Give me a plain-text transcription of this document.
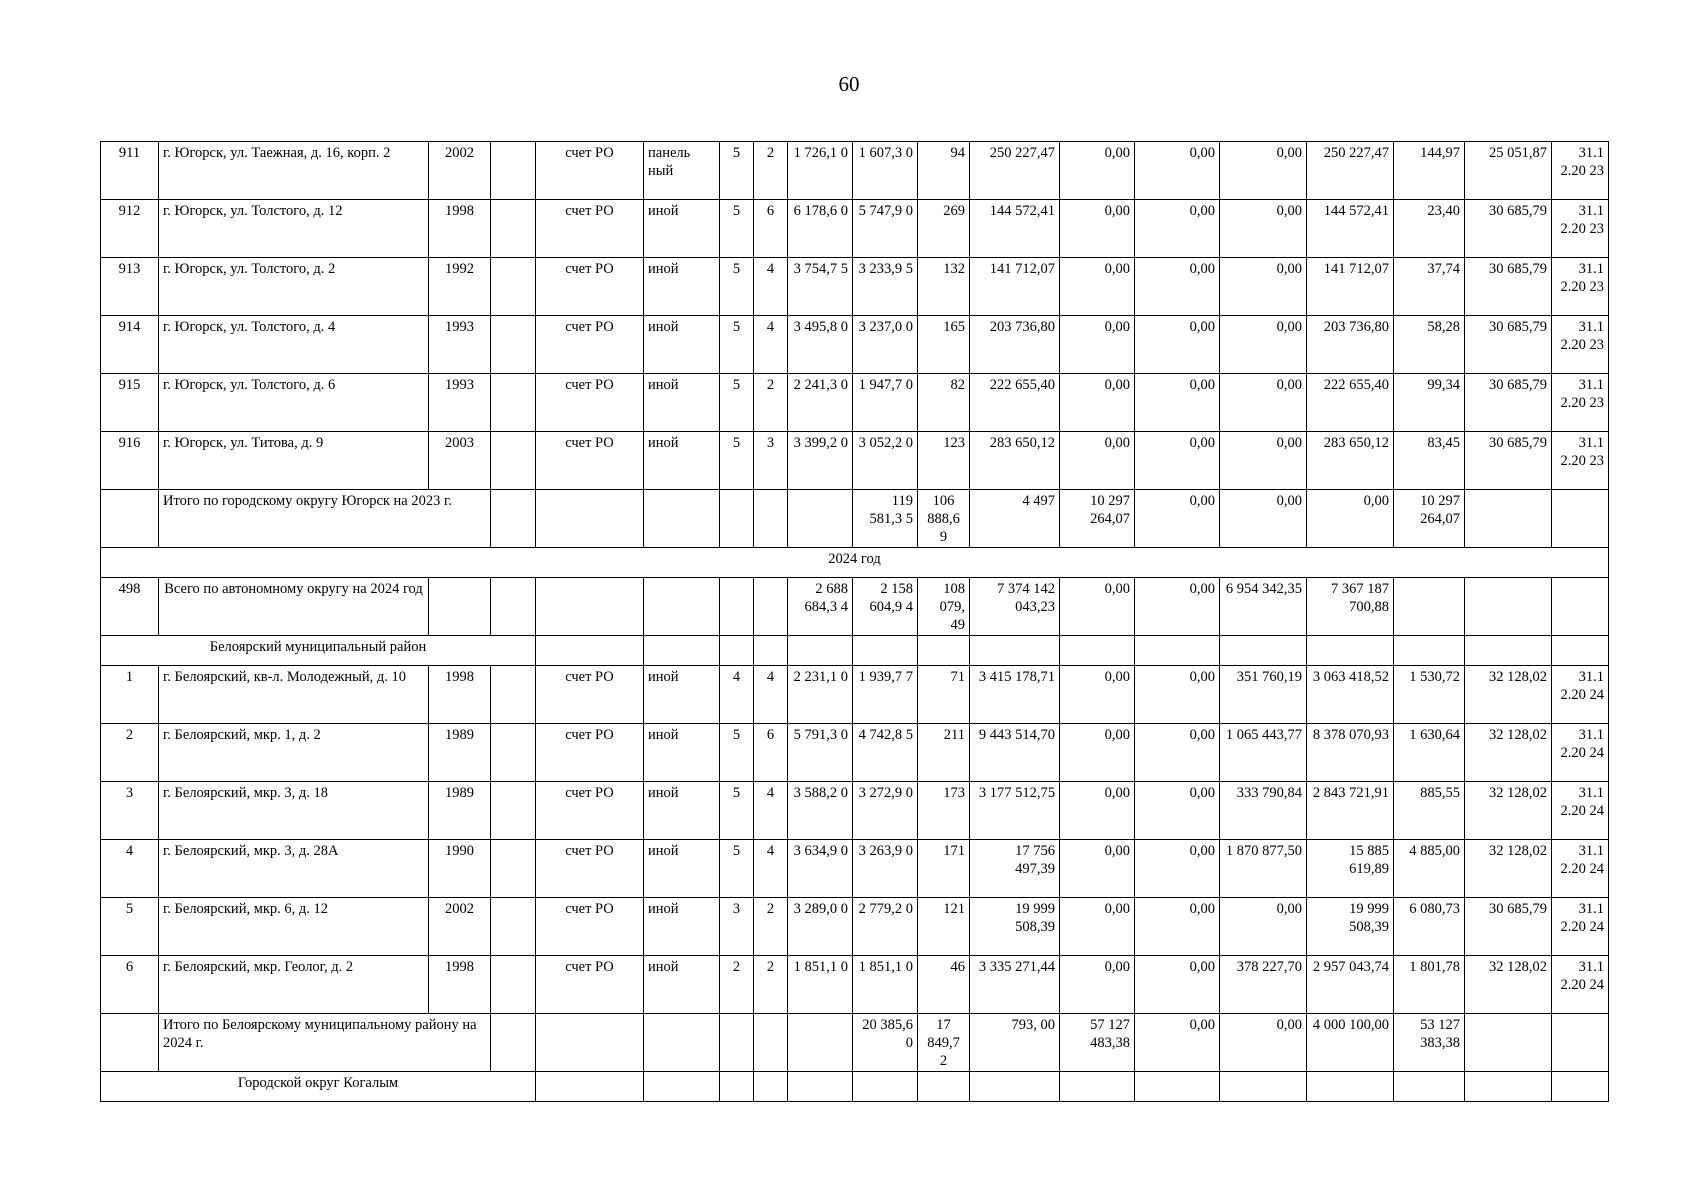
60
911	г. Югорск, ул. Таежная, д. 16, корп. 2	2002		счет РО	панель ный	5	2	1 726,1 0	1 607,3 0	94	250 227,47	0,00	0,00	0,00	250 227,47	144,97	25 051,87	31.1 2.20 23	
912	г. Югорск, ул. Толстого, д. 12	1998		счет РО	иной	5	6	6 178,6 0	5 747,9 0	269	144 572,41	0,00	0,00	0,00	144 572,41	23,40	30 685,79	31.1 2.20 23	
913	г. Югорск, ул. Толстого, д. 2	1992		счет РО	иной	5	4	3 754,7 5	3 233,9 5	132	141 712,07	0,00	0,00	0,00	141 712,07	37,74	30 685,79	31.1 2.20 23	
914	г. Югорск, ул. Толстого, д. 4	1993		счет РО	иной	5	4	3 495,8 0	3 237,0 0	165	203 736,80	0,00	0,00	0,00	203 736,80	58,28	30 685,79	31.1 2.20 23	
915	г. Югорск, ул. Толстого, д. 6	1993		счет РО	иной	5	2	2 241,3 0	1 947,7 0	82	222 655,40	0,00	0,00	0,00	222 655,40	99,34	30 685,79	31.1 2.20 23	
916	г. Югорск, ул. Титова, д. 9	2003		счет РО	иной	5	3	3 399,2 0	3 052,2 0	123	283 650,12	0,00	0,00	0,00	283 650,12	83,45	30 685,79	31.1 2.20 23	
	Итого по городскому округу Югорск на 2023 г.								119 581,3 5	106 888,6 9	4 497	10 297 264,07	0,00	0,00	0,00	10 297 264,07			
2024 год																			
498	Всего по автономному округу на 2024 год							2 688 684,3 4	2 158 604,9 4	108 079, 49	7 374 142 043,23	0,00	0,00	6 954 342,35	7 367 187 700,88				
Белоярский муниципальный район																			
1	г. Белоярский, кв-л. Молодежный, д. 10	1998		счет РО	иной	4	4	2 231,1 0	1 939,7 7	71	3 415 178,71	0,00	0,00	351 760,19	3 063 418,52	1 530,72	32 128,02	31.1 2.20 24	
2	г. Белоярский, мкр. 1, д. 2	1989		счет РО	иной	5	6	5 791,3 0	4 742,8 5	211	9 443 514,70	0,00	0,00	1 065 443,77	8 378 070,93	1 630,64	32 128,02	31.1 2.20 24	
3	г. Белоярский, мкр. 3, д. 18	1989		счет РО	иной	5	4	3 588,2 0	3 272,9 0	173	3 177 512,75	0,00	0,00	333 790,84	2 843 721,91	885,55	32 128,02	31.1 2.20 24	
4	г. Белоярский, мкр. 3, д. 28А	1990		счет РО	иной	5	4	3 634,9 0	3 263,9 0	171	17 756 497,39	0,00	0,00	1 870 877,50	15 885 619,89	4 885,00	32 128,02	31.1 2.20 24	
5	г. Белоярский, мкр. 6, д. 12	2002		счет РО	иной	3	2	3 289,0 0	2 779,2 0	121	19 999 508,39	0,00	0,00	0,00	19 999 508,39	6 080,73	30 685,79	31.1 2.20 24	
6	г. Белоярский, мкр. Геолог, д. 2	1998		счет РО	иной	2	2	1 851,1 0	1 851,1 0	46	3 335 271,44	0,00	0,00	378 227,70	2 957 043,74	1 801,78	32 128,02	31.1 2.20 24	
	Итого по Белоярскому муниципальному району на 2024 г.								20 385,6 0	17 849,7 2	793, 00	57 127 483,38	0,00	0,00	4 000 100,00	53 127 383,38			
Городской округ Когалым																			
